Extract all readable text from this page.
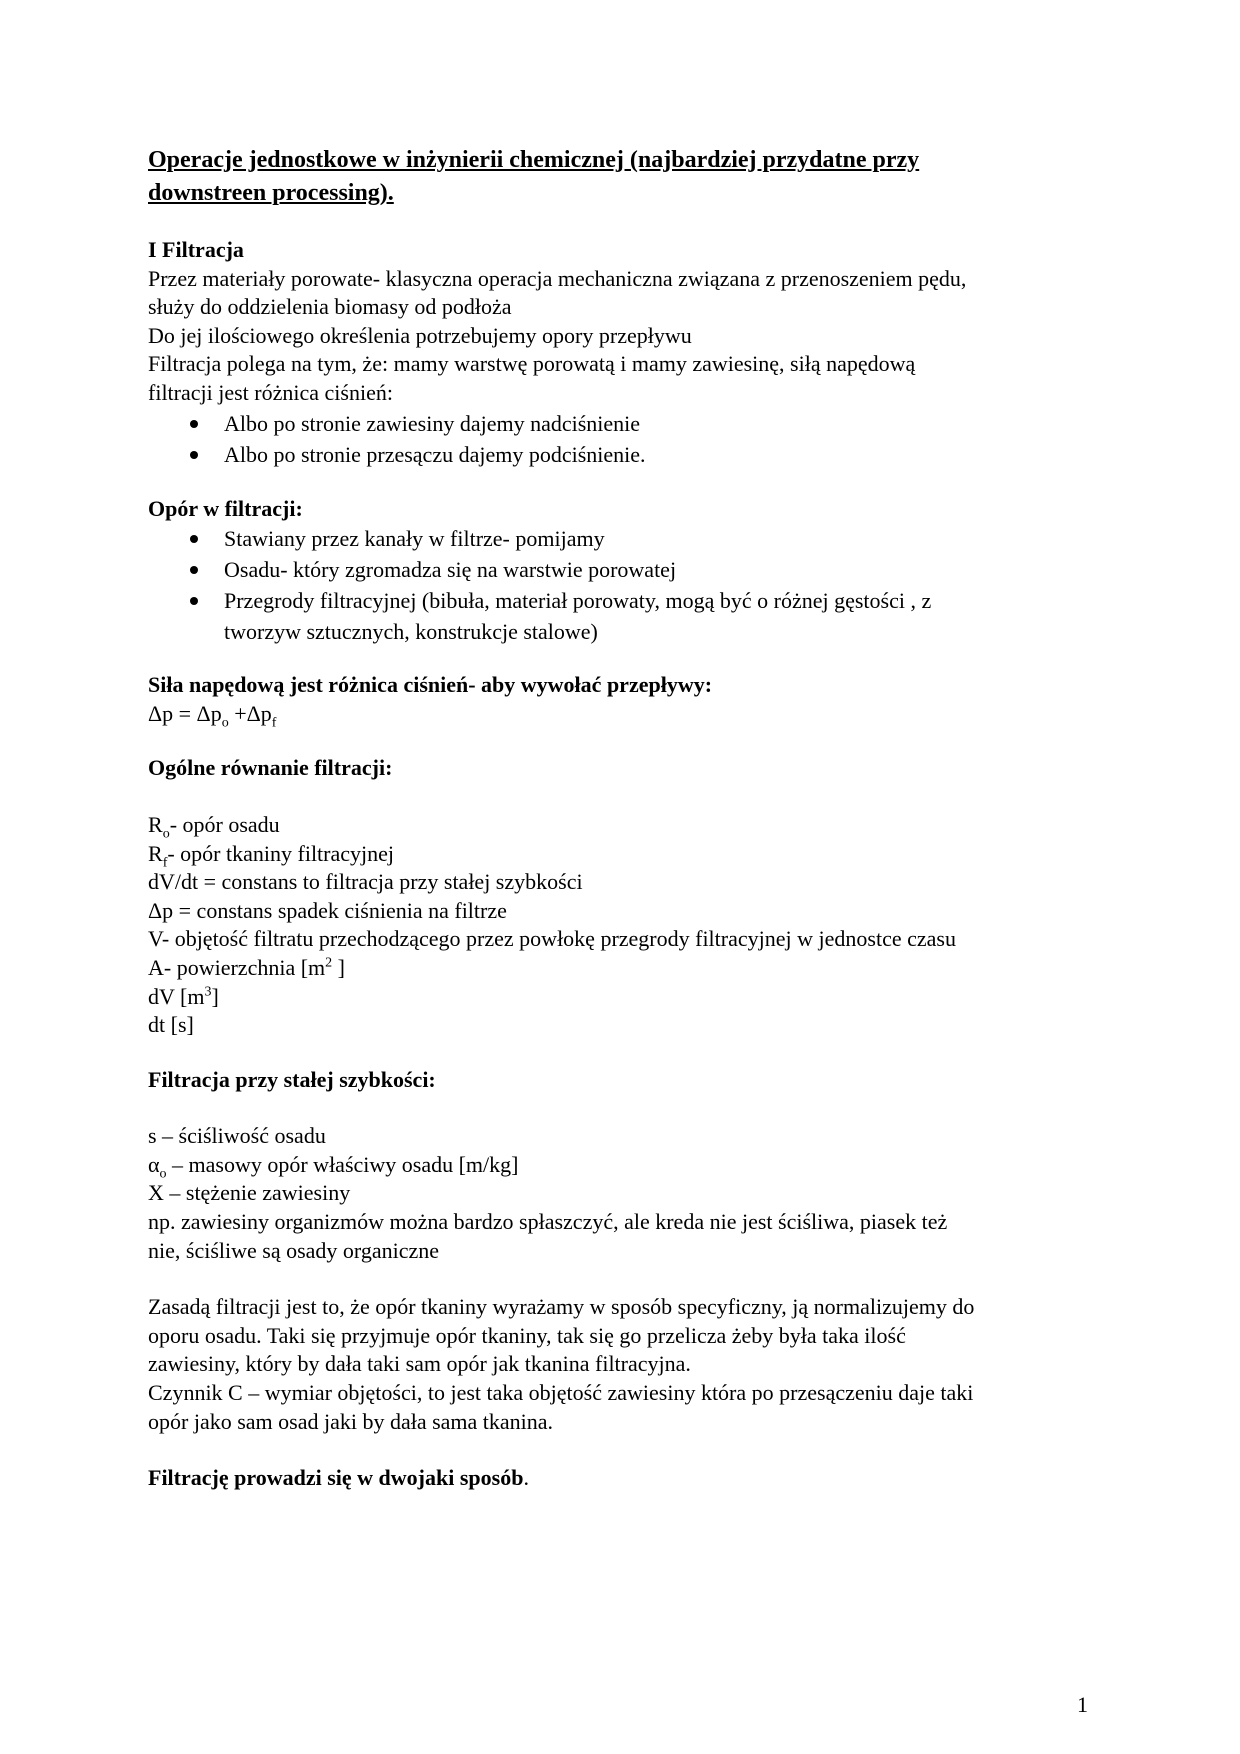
Operacje jednostkowe w inżynierii chemicznej (najbardziej przydatne przy
downstreen processing).
I Filtracja
Przez materiały porowate- klasyczna operacja mechaniczna związana z przenoszeniem pędu,
służy do oddzielenia biomasy od podłoża
Do jej ilościowego określenia potrzebujemy opory przepływu
Filtracja polega na tym, że: mamy warstwę porowatą i mamy zawiesinę, siłą napędową
filtracji jest różnica ciśnień:
Albo po stronie zawiesiny dajemy nadciśnienie
Albo po stronie przesączu dajemy podciśnienie.
Opór w filtracji:
Stawiany przez kanały w filtrze- pomijamy
Osadu- który zgromadza się na warstwie porowatej
Przegrody filtracyjnej (bibuła, materiał porowaty, mogą być o różnej gęstości , z
tworzyw sztucznych, konstrukcje stalowe)
Siła napędową jest różnica ciśnień- aby wywołać przepływy:
$\Delta p = \Delta p_o +\Delta p_f$
Ogólne równanie filtracji:
$R_o-$ opór osadu
$R_f-$ opór tkaniny filtracyjnej
dV/dt = constans to filtracja przy stałej szybkości
Δp = constans spadek ciśnienia na filtrze
V- objętość filtratu przechodzącego przez powłokę przegrody filtracyjnej w jednostce czasu
A- powierzchnia [$m^2$ ]
dV $[m^3]$
dt [s]
Filtracja przy stałej szybkości:
s – ściśliwość osadu
$\alpha_o$ – masowy opór właściwy osadu [m/kg]
X – stężenie zawiesiny
np. zawiesiny organizmów można bardzo spłaszczyć, ale kreda nie jest ściśliwa, piasek też
nie, ściśliwe są osady organiczne
Zasadą filtracji jest to, że opór tkaniny wyrażamy w sposób specyficzny, ją normalizujemy do
oporu osadu. Taki się przyjmuje opór tkaniny, tak się go przelicza żeby była taka ilość
zawiesiny, który by dała taki sam opór jak tkanina filtracyjna.
Czynnik C – wymiar objętości, to jest taka objętość zawiesiny która po przesączeniu daje taki
opór jako sam osad jaki by dała sama tkanina.
Filtrację prowadzi się w dwojaki sposób.
1
